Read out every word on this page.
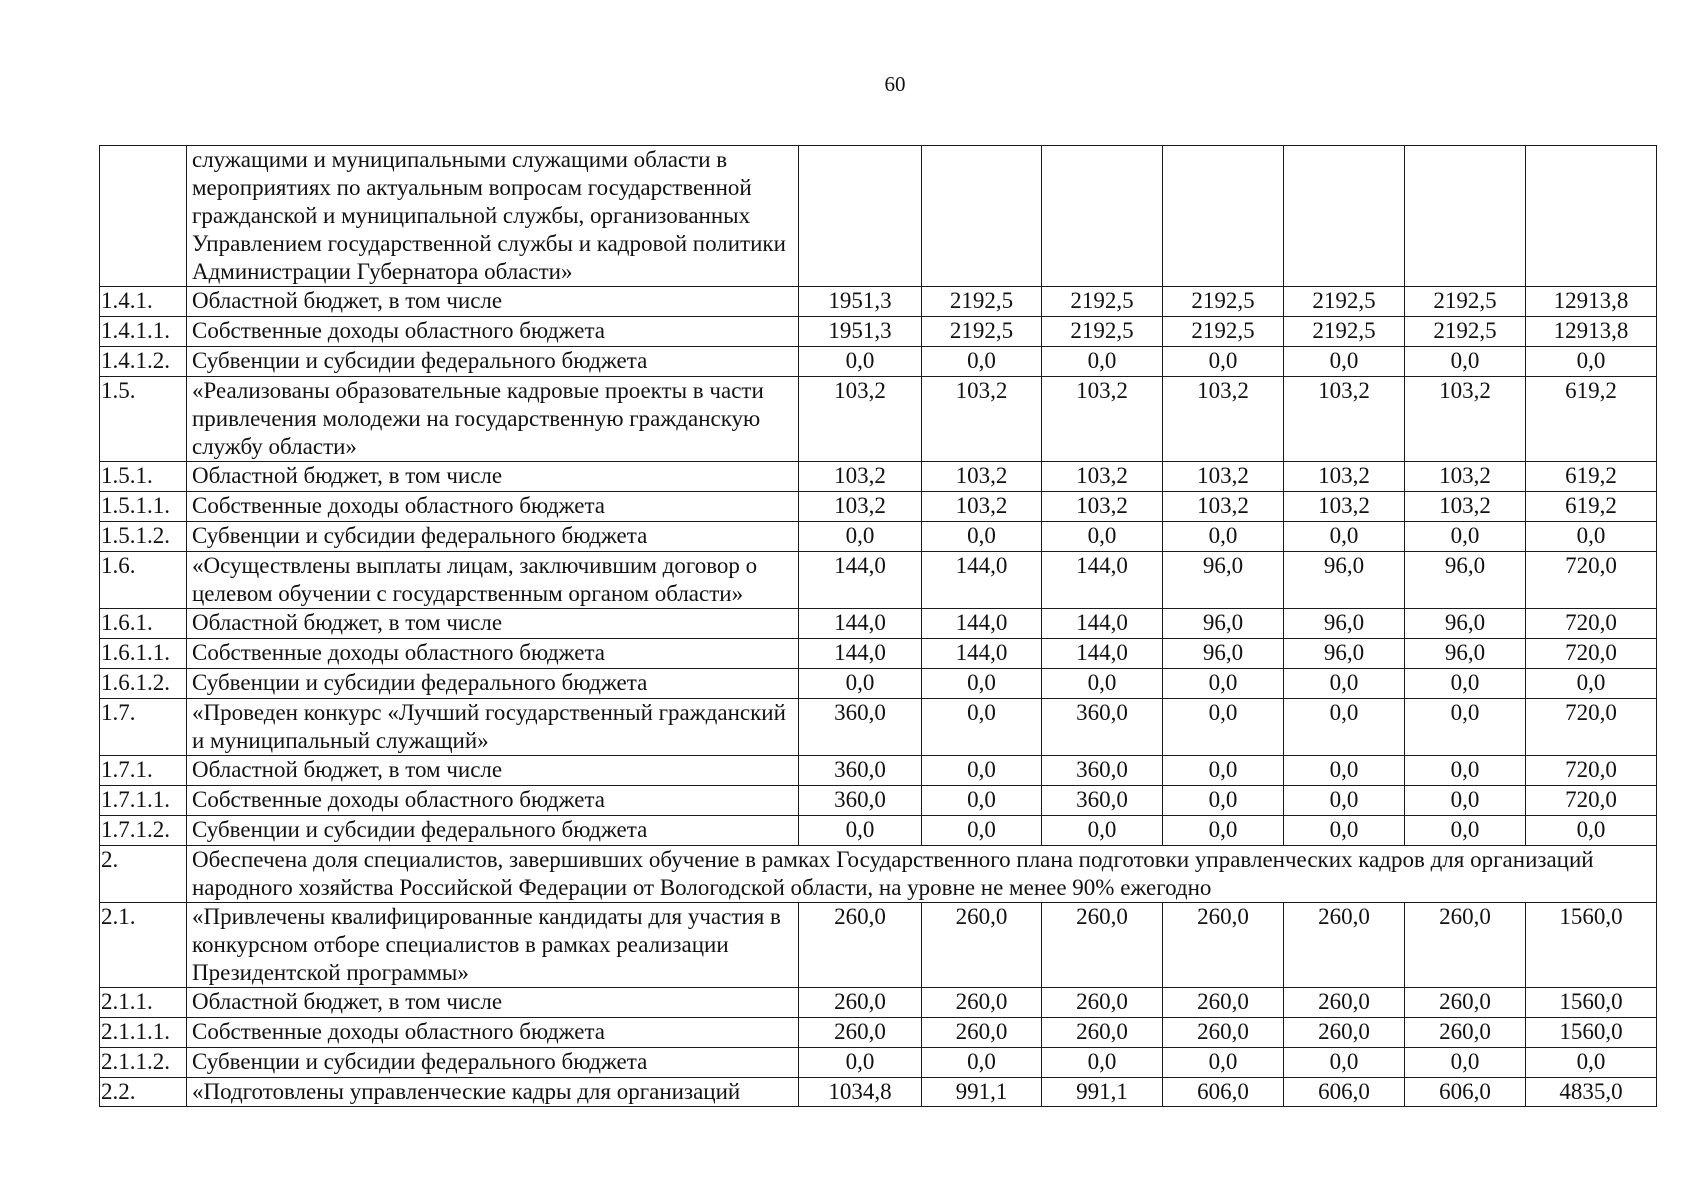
60
	служащими и муниципальными служащими области в мероприятиях по актуальным вопросам государственной гражданской и муниципальной службы, организованных Управлением государственной службы и кадровой политики Администрации Губернатора области»							
1.4.1.	Областной бюджет, в том числе	1951,3	2192,5	2192,5	2192,5	2192,5	2192,5	12913,8
1.4.1.1.	Собственные доходы областного бюджета	1951,3	2192,5	2192,5	2192,5	2192,5	2192,5	12913,8
1.4.1.2.	Субвенции и субсидии федерального бюджета	0,0	0,0	0,0	0,0	0,0	0,0	0,0
1.5.	«Реализованы образовательные кадровые проекты в части привлечения молодежи на государственную гражданскую службу области»	103,2	103,2	103,2	103,2	103,2	103,2	619,2
1.5.1.	Областной бюджет, в том числе	103,2	103,2	103,2	103,2	103,2	103,2	619,2
1.5.1.1.	Собственные доходы областного бюджета	103,2	103,2	103,2	103,2	103,2	103,2	619,2
1.5.1.2.	Субвенции и субсидии федерального бюджета	0,0	0,0	0,0	0,0	0,0	0,0	0,0
1.6.	«Осуществлены выплаты лицам, заключившим договор о целевом обучении с государственным органом области»	144,0	144,0	144,0	96,0	96,0	96,0	720,0
1.6.1.	Областной бюджет, в том числе	144,0	144,0	144,0	96,0	96,0	96,0	720,0
1.6.1.1.	Собственные доходы областного бюджета	144,0	144,0	144,0	96,0	96,0	96,0	720,0
1.6.1.2.	Субвенции и субсидии федерального бюджета	0,0	0,0	0,0	0,0	0,0	0,0	0,0
1.7.	«Проведен конкурс «Лучший государственный гражданский и муниципальный служащий»	360,0	0,0	360,0	0,0	0,0	0,0	720,0
1.7.1.	Областной бюджет, в том числе	360,0	0,0	360,0	0,0	0,0	0,0	720,0
1.7.1.1.	Собственные доходы областного бюджета	360,0	0,0	360,0	0,0	0,0	0,0	720,0
1.7.1.2.	Субвенции и субсидии федерального бюджета	0,0	0,0	0,0	0,0	0,0	0,0	0,0
2.	Обеспечена доля специалистов, завершивших обучение в рамках Государственного плана подготовки управленческих кадров для организаций народного хозяйства Российской Федерации от Вологодской области, на уровне не менее 90% ежегодно							
2.1.	«Привлечены квалифицированные кандидаты для участия в конкурсном отборе специалистов в рамках реализации Президентской программы»	260,0	260,0	260,0	260,0	260,0	260,0	1560,0
2.1.1.	Областной бюджет, в том числе	260,0	260,0	260,0	260,0	260,0	260,0	1560,0
2.1.1.1.	Собственные доходы областного бюджета	260,0	260,0	260,0	260,0	260,0	260,0	1560,0
2.1.1.2.	Субвенции и субсидии федерального бюджета	0,0	0,0	0,0	0,0	0,0	0,0	0,0
2.2.	«Подготовлены управленческие кадры для организаций	1034,8	991,1	991,1	606,0	606,0	606,0	4835,0
